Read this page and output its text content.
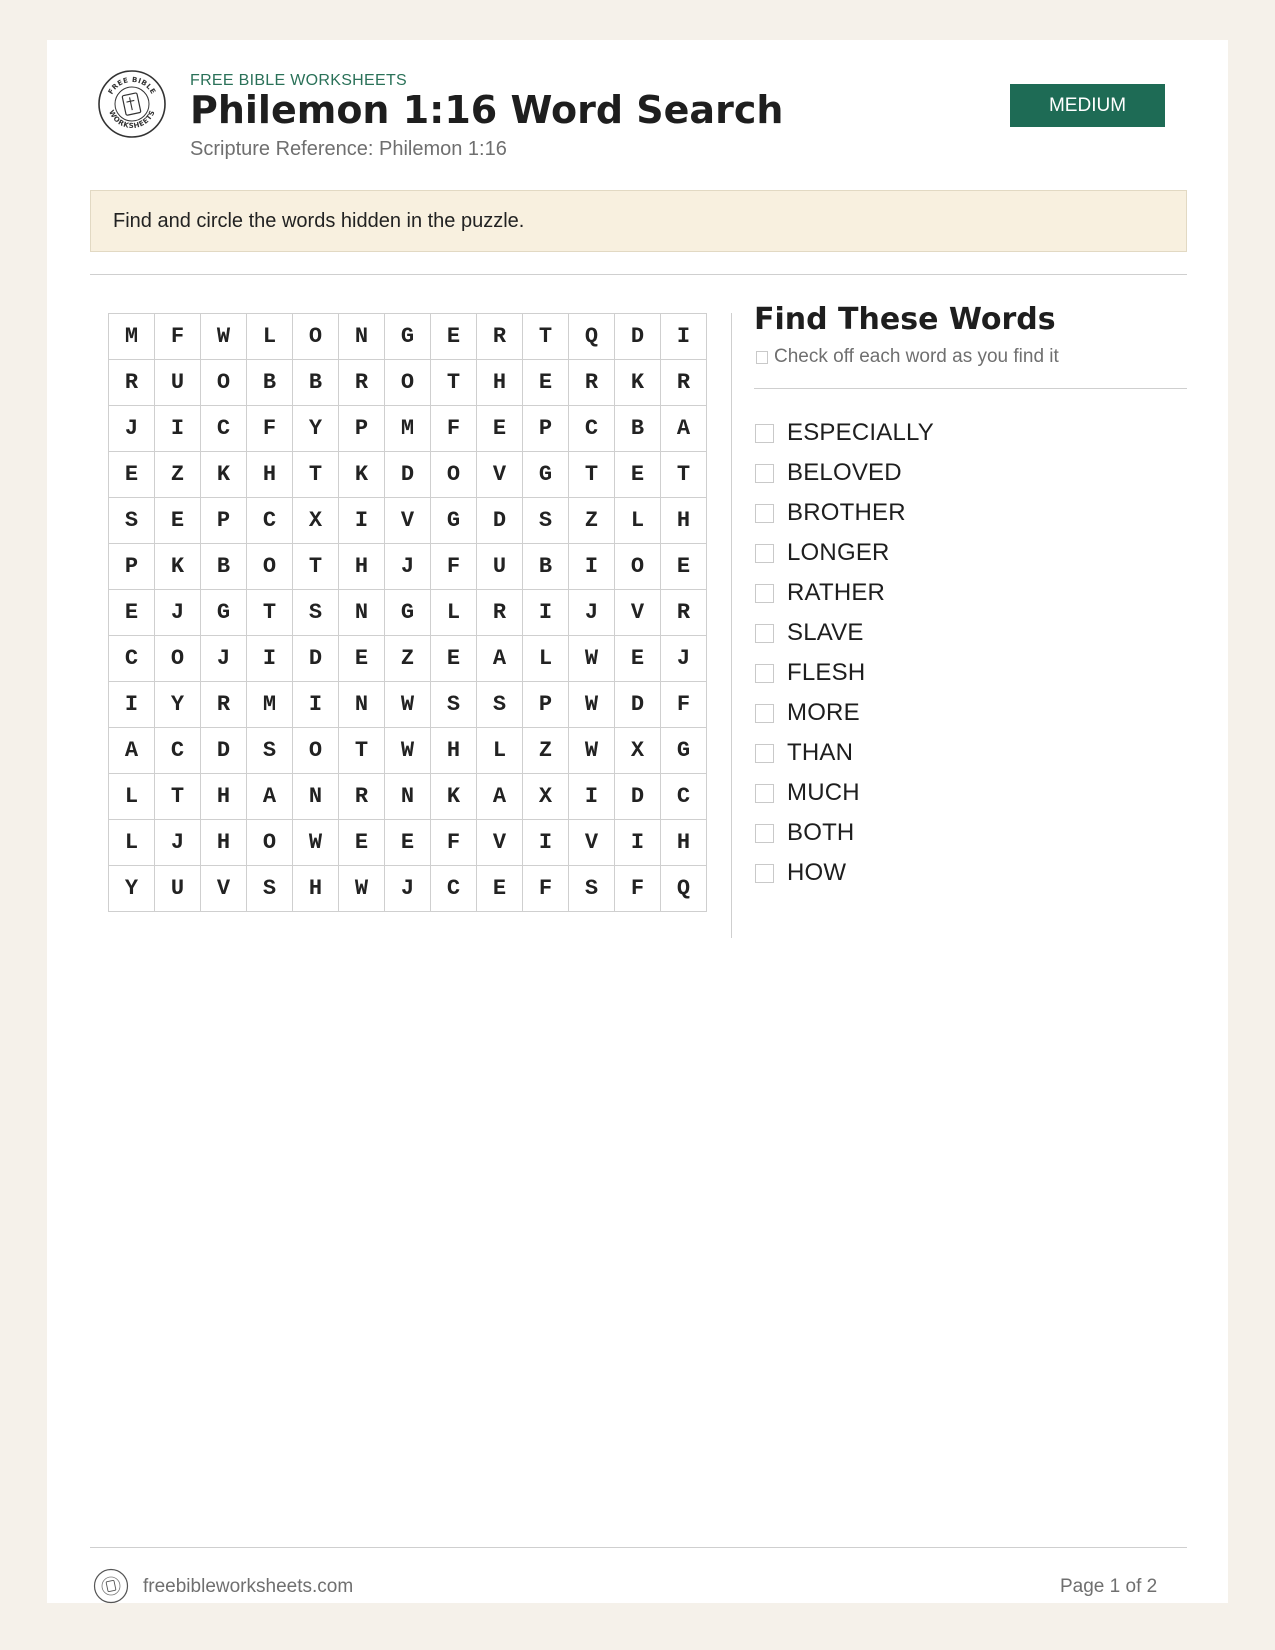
FREE BIBLE
WORKSHEETS
FREE BIBLE WORKSHEETS
Philemon 1:16 Word Search
Scripture Reference: Philemon 1:16
MEDIUM
Find and circle the words hidden in the puzzle.
M	F	W	L	O	N	G	E	R	T	Q	D	I
R	U	O	B	B	R	O	T	H	E	R	K	R
J	I	C	F	Y	P	M	F	E	P	C	B	A
E	Z	K	H	T	K	D	O	V	G	T	E	T
S	E	P	C	X	I	V	G	D	S	Z	L	H
P	K	B	O	T	H	J	F	U	B	I	O	E
E	J	G	T	S	N	G	L	R	I	J	V	R
C	O	J	I	D	E	Z	E	A	L	W	E	J
I	Y	R	M	I	N	W	S	S	P	W	D	F
A	C	D	S	O	T	W	H	L	Z	W	X	G
L	T	H	A	N	R	N	K	A	X	I	D	C
L	J	H	O	W	E	E	F	V	I	V	I	H
Y	U	V	S	H	W	J	C	E	F	S	F	Q
Find These Words
Check off each word as you find it
ESPECIALLY
BELOVED
BROTHER
LONGER
RATHER
SLAVE
FLESH
MORE
THAN
MUCH
BOTH
HOW
freebibleworksheets.com	Page 1 of 2
